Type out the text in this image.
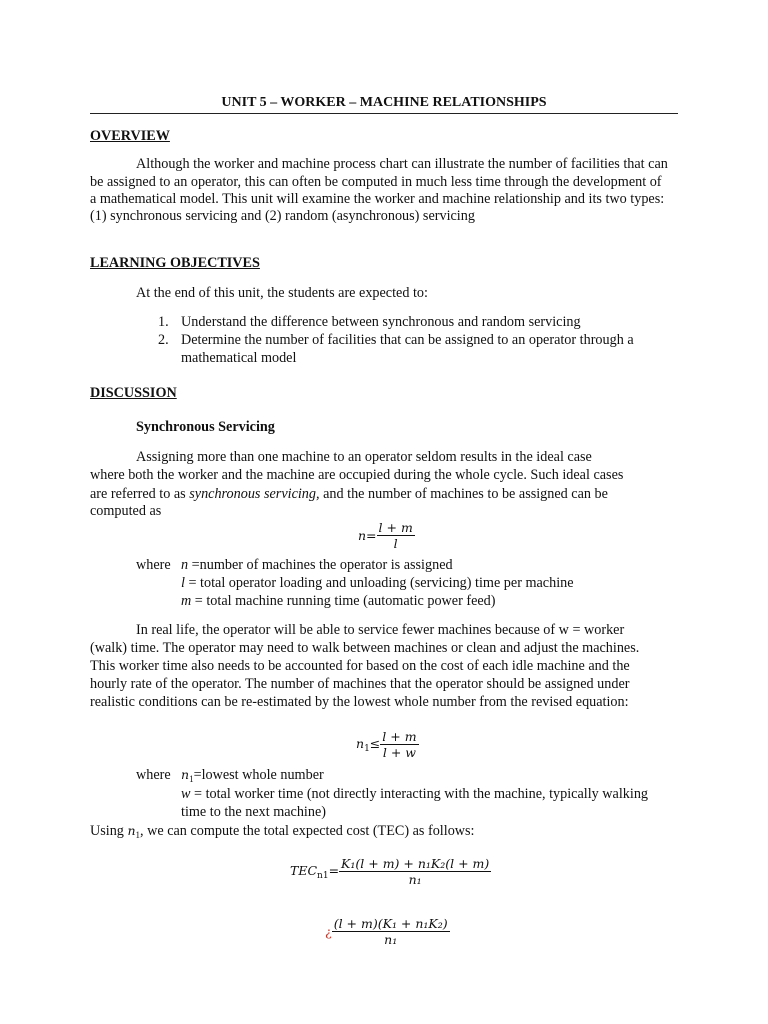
UNIT 5 – WORKER – MACHINE RELATIONSHIPS
OVERVIEW
Although the worker and machine process chart can illustrate the number of facilities that can
be assigned to an operator, this can often be computed in much less time through the development of
a mathematical model. This unit will examine the worker and machine relationship and its two types:
(1) synchronous servicing and (2) random (asynchronous) servicing
LEARNING OBJECTIVES
At the end of this unit, the students are expected to:
1. Understand the difference between synchronous and random servicing
2. Determine the number of facilities that can be assigned to an operator through a
mathematical model
DISCUSSION
Synchronous Servicing
Assigning more than one machine to an operator seldom results in the ideal case
where both the worker and the machine are occupied during the whole cycle. Such ideal cases
are referred to as synchronous servicing, and the number of machines to be assigned can be
computed as
$n= \frac{l + m}{l}$
where n =number of machines the operator is assigned
l = total operator loading and unloading (servicing) time per machine
m = total machine running time (automatic power feed)
In real life, the operator will be able to service fewer machines because of w = worker
(walk) time. The operator may need to walk between machines or clean and adjust the machines.
This worker time also needs to be accounted for based on the cost of each idle machine and the
hourly rate of the operator. The number of machines that the operator should be assigned under
realistic conditions can be re-estimated by the lowest whole number from the revised equation:
$n_1\le \frac{l + m}{l + w}$
where $n_1=lowest$ whole number
w = total worker time (not directly interacting with the machine, typically walking
time to the next machine)
Using $n_1$, we can compute the total expected cost (TEC) as follows:
$TEC_{n1}= \frac{\text{K₁(l + m) + n₁K₂(l + m)}}{\text{n₁}}$
¿ $\frac{\text{(l + m)(K₁ + n₁K₂)}}{\text{n₁}}$
